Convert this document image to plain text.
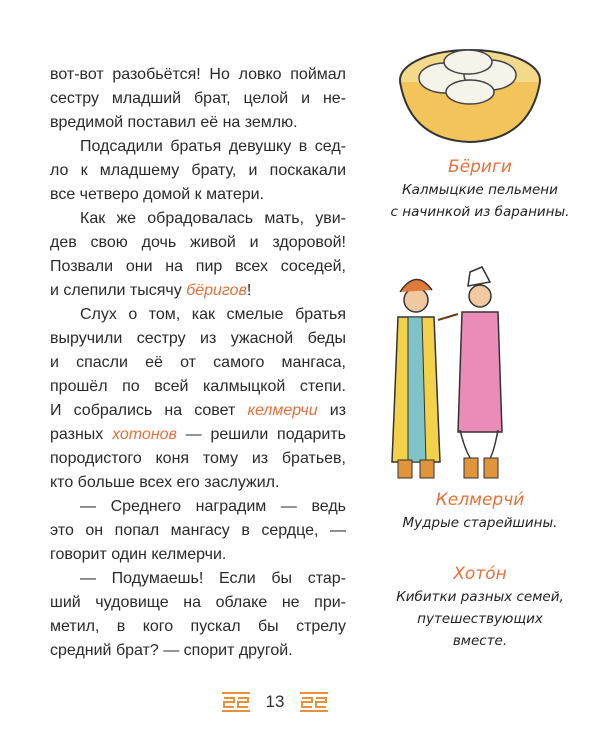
вот-вот разобьётся! Но ловко поймал
сестру младший брат, целой и не-
вредимой поставил её на землю.
Подсадили братья девушку в сед-
ло к младшему брату, и поскакали
все четверо домой к матери.
Как же обрадовалась мать, уви-
дев свою дочь живой и здоровой!
Позвали они на пир всех соседей,
и слепили тысячу бёригов!
Слух о том, как смелые братья
выручили сестру из ужасной беды
и спасли её от самого мангаса,
прошёл по всей калмыцкой степи.
И собрались на совет келмерчи из
разных хотонов — решили подарить
породистого коня тому из братьев,
кто больше всех его заслужил.
— Среднего наградим — ведь
это он попал мангасу в сердце, —
говорит один келмерчи.
— Подумаешь! Если бы стар-
ший чудовище на облаке не при-
метил, в кого пускал бы стрелу
средний брат? — спорит другой.
Бёриги
Калмыцкие пельмени
с начинкой из баранины.
Келмерчи́
Мудрые старейшины.
Хото́н
Кибитки разных семей,
путешествующих
вместе.
13
